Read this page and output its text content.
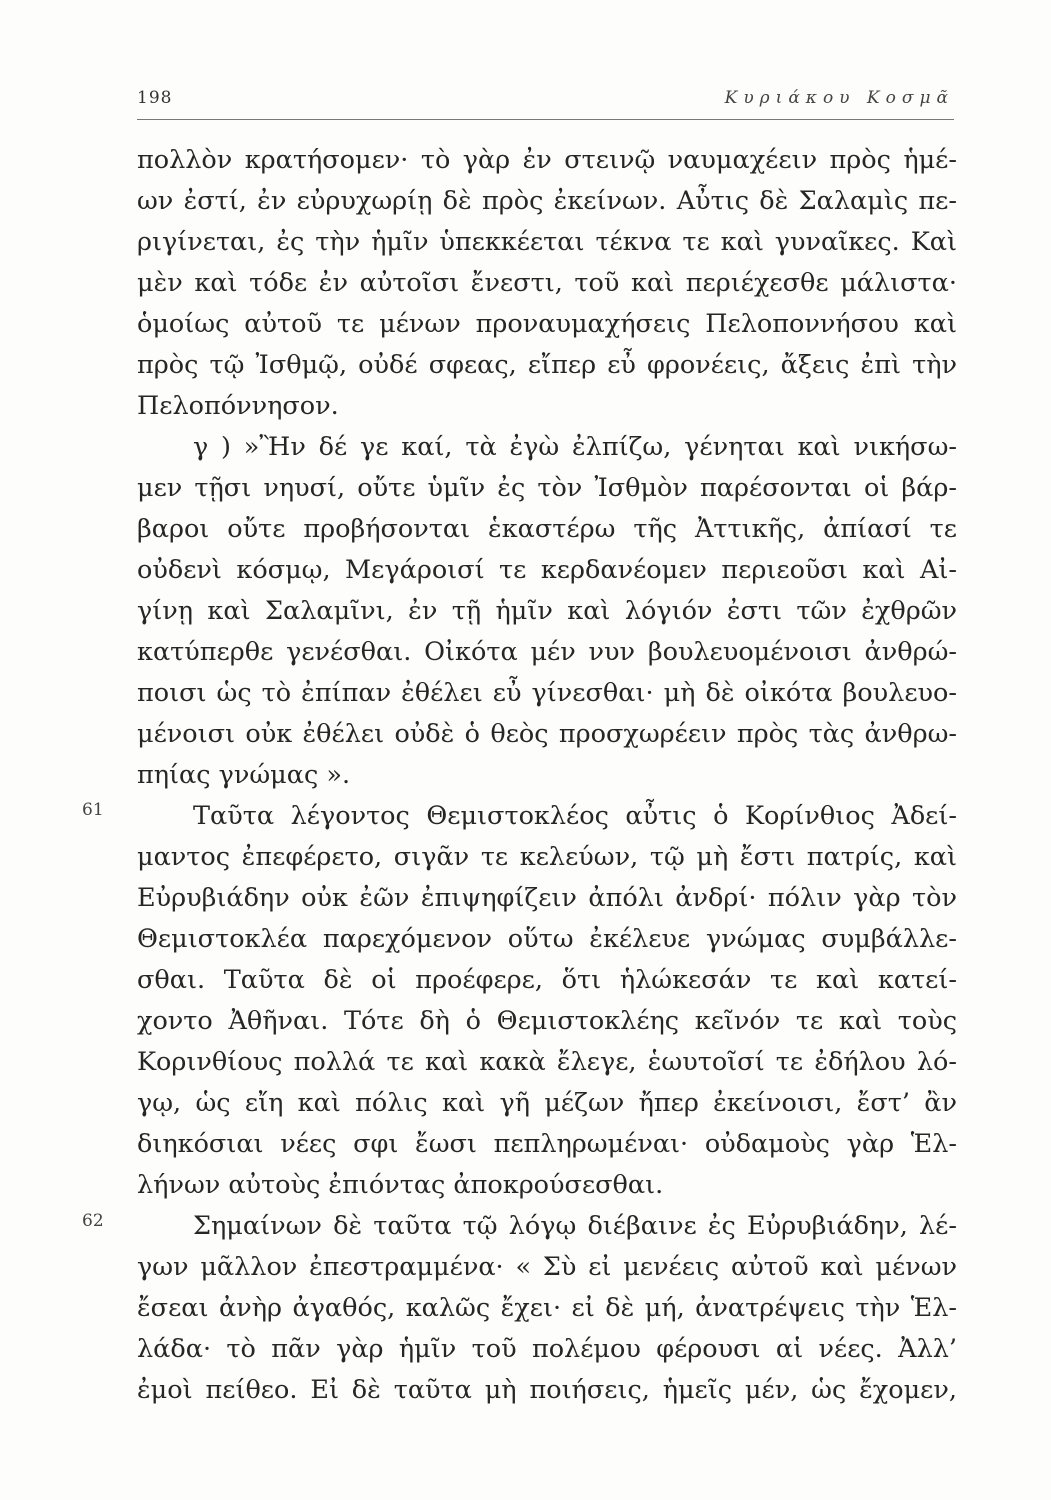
198	Κυριάκου Κοσμᾶ
61
62
πολλὸν κρατήσομεν· τὸ γὰρ ἐν στεινῷ ναυμαχέειν πρὸς ἡμέ-
ων ἐστί, ἐν εὐρυχωρίῃ δὲ πρὸς ἐκείνων. Αὖτις δὲ Σαλαμὶς πε-
ριγίνεται, ἐς τὴν ἡμῖν ὑπεκκέεται τέκνα τε καὶ γυναῖκες. Καὶ
μὲν καὶ τόδε ἐν αὐτοῖσι ἔνεστι, τοῦ καὶ περιέχεσθε μάλιστα·
ὁμοίως αὐτοῦ τε μένων προναυμαχήσεις Πελοποννήσου καὶ
πρὸς τῷ Ἰσθμῷ, οὐδέ σφεας, εἴπερ εὖ φρονέεις, ἄξεις ἐπὶ τὴν
Πελοπόννησον.
γ ) »Ἢν δέ γε καί, τὰ ἐγὼ ἐλπίζω, γένηται καὶ νικήσω-
μεν τῇσι νηυσί, οὔτε ὑμῖν ἐς τὸν Ἰσθμὸν παρέσονται οἱ βάρ-
βαροι οὔτε προβήσονται ἑκαστέρω τῆς Ἀττικῆς, ἀπίασί τε
οὐδενὶ κόσμῳ, Μεγάροισί τε κερδανέομεν περιεοῦσι καὶ Αἰ-
γίνῃ καὶ Σαλαμῖνι, ἐν τῇ ἡμῖν καὶ λόγιόν ἐστι τῶν ἐχθρῶν
κατύπερθε γενέσθαι. Οἰκότα μέν νυν βουλευομένοισι ἀνθρώ-
ποισι ὡς τὸ ἐπίπαν ἐθέλει εὖ γίνεσθαι· μὴ δὲ οἰκότα βουλευο-
μένοισι οὐκ ἐθέλει οὐδὲ ὁ θεὸς προσχωρέειν πρὸς τὰς ἀνθρω-
πηίας γνώμας ».
Ταῦτα λέγοντος Θεμιστοκλέος αὖτις ὁ Κορίνθιος Ἀδεί-
μαντος ἐπεφέρετο, σιγᾶν τε κελεύων, τῷ μὴ ἔστι πατρίς, καὶ
Εὐρυβιάδην οὐκ ἐῶν ἐπιψηφίζειν ἀπόλι ἀνδρί· πόλιν γὰρ τὸν
Θεμιστοκλέα παρεχόμενον οὕτω ἐκέλευε γνώμας συμβάλλε-
σθαι. Ταῦτα δὲ οἱ προέφερε, ὅτι ἡλώκεσάν τε καὶ κατεί-
χοντο Ἀθῆναι. Τότε δὴ ὁ Θεμιστοκλέης κεῖνόν τε καὶ τοὺς
Κορινθίους πολλά τε καὶ κακὰ ἔλεγε, ἑωυτοῖσί τε ἐδήλου λό-
γῳ, ὡς εἴη καὶ πόλις καὶ γῆ μέζων ἤπερ ἐκείνοισι, ἔστ’ ἂν
διηκόσιαι νέες σφι ἔωσι πεπληρωμέναι· οὐδαμοὺς γὰρ Ἑλ-
λήνων αὐτοὺς ἐπιόντας ἀποκρούσεσθαι.
Σημαίνων δὲ ταῦτα τῷ λόγῳ διέβαινε ἐς Εὐρυβιάδην, λέ-
γων μᾶλλον ἐπεστραμμένα· « Σὺ εἰ μενέεις αὐτοῦ καὶ μένων
ἔσεαι ἀνὴρ ἀγαθός, καλῶς ἔχει· εἰ δὲ μή, ἀνατρέψεις τὴν Ἑλ-
λάδα· τὸ πᾶν γὰρ ἡμῖν τοῦ πολέμου φέρουσι αἱ νέες. Ἀλλ’
ἐμοὶ πείθεο. Εἰ δὲ ταῦτα μὴ ποιήσεις, ἡμεῖς μέν, ὡς ἔχομεν,
